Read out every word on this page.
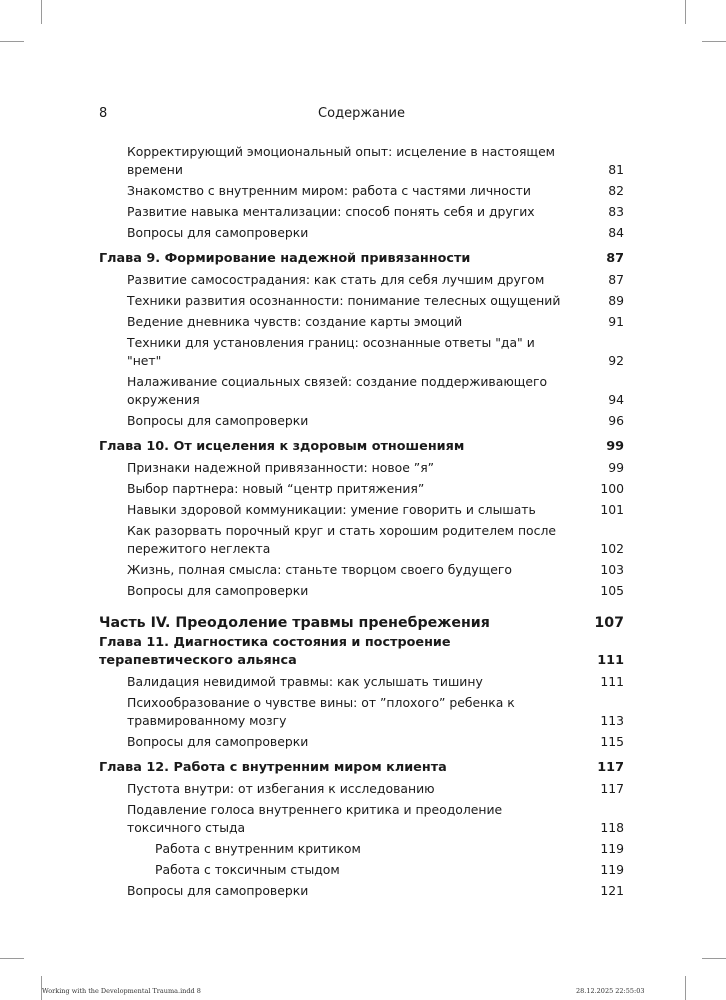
8	Содержание
Корректирующий эмоциональный опыт: исцеление в настоящем времени	81
Знакомство с внутренним миром: работа с частями личности	82
Развитие навыка ментализации: способ понять себя и других	83
Вопросы для самопроверки	84
Глава 9. Формирование надежной привязанности	87
Развитие самосострадания: как стать для себя лучшим другом	87
Техники развития осознанности: понимание телесных ощущений	89
Ведение дневника чувств: создание карты эмоций	91
Техники для установления границ: осознанные ответы "да" и "нет"	92
Налаживание социальных связей: создание поддерживающего окружения	94
Вопросы для самопроверки	96
Глава 10. От исцеления к здоровым отношениям	99
Признаки надежной привязанности: новое ”я”	99
Выбор партнера: новый “центр притяжения”	100
Навыки здоровой коммуникации: умение говорить и слышать	101
Как разорвать порочный круг и стать хорошим родителем после пережитого неглекта	102
Жизнь, полная смысла: станьте творцом своего будущего	103
Вопросы для самопроверки	105
Часть IV. Преодоление травмы пренебрежения	107
Глава 11. Диагностика состояния и построение терапевтического альянса	111
Валидация невидимой травмы: как услышать тишину	111
Психообразование о чувстве вины: от ”плохого” ребенка к травмированному мозгу	113
Вопросы для самопроверки	115
Глава 12. Работа с внутренним миром клиента	117
Пустота внутри: от избегания к исследованию	117
Подавление голоса внутреннего критика и преодоление токсичного стыда	118
Работа с внутренним критиком	119
Работа с токсичным стыдом	119
Вопросы для самопроверки	121
Working with the Developmental Trauma.indd 8	28.12.2025 22:55:03
